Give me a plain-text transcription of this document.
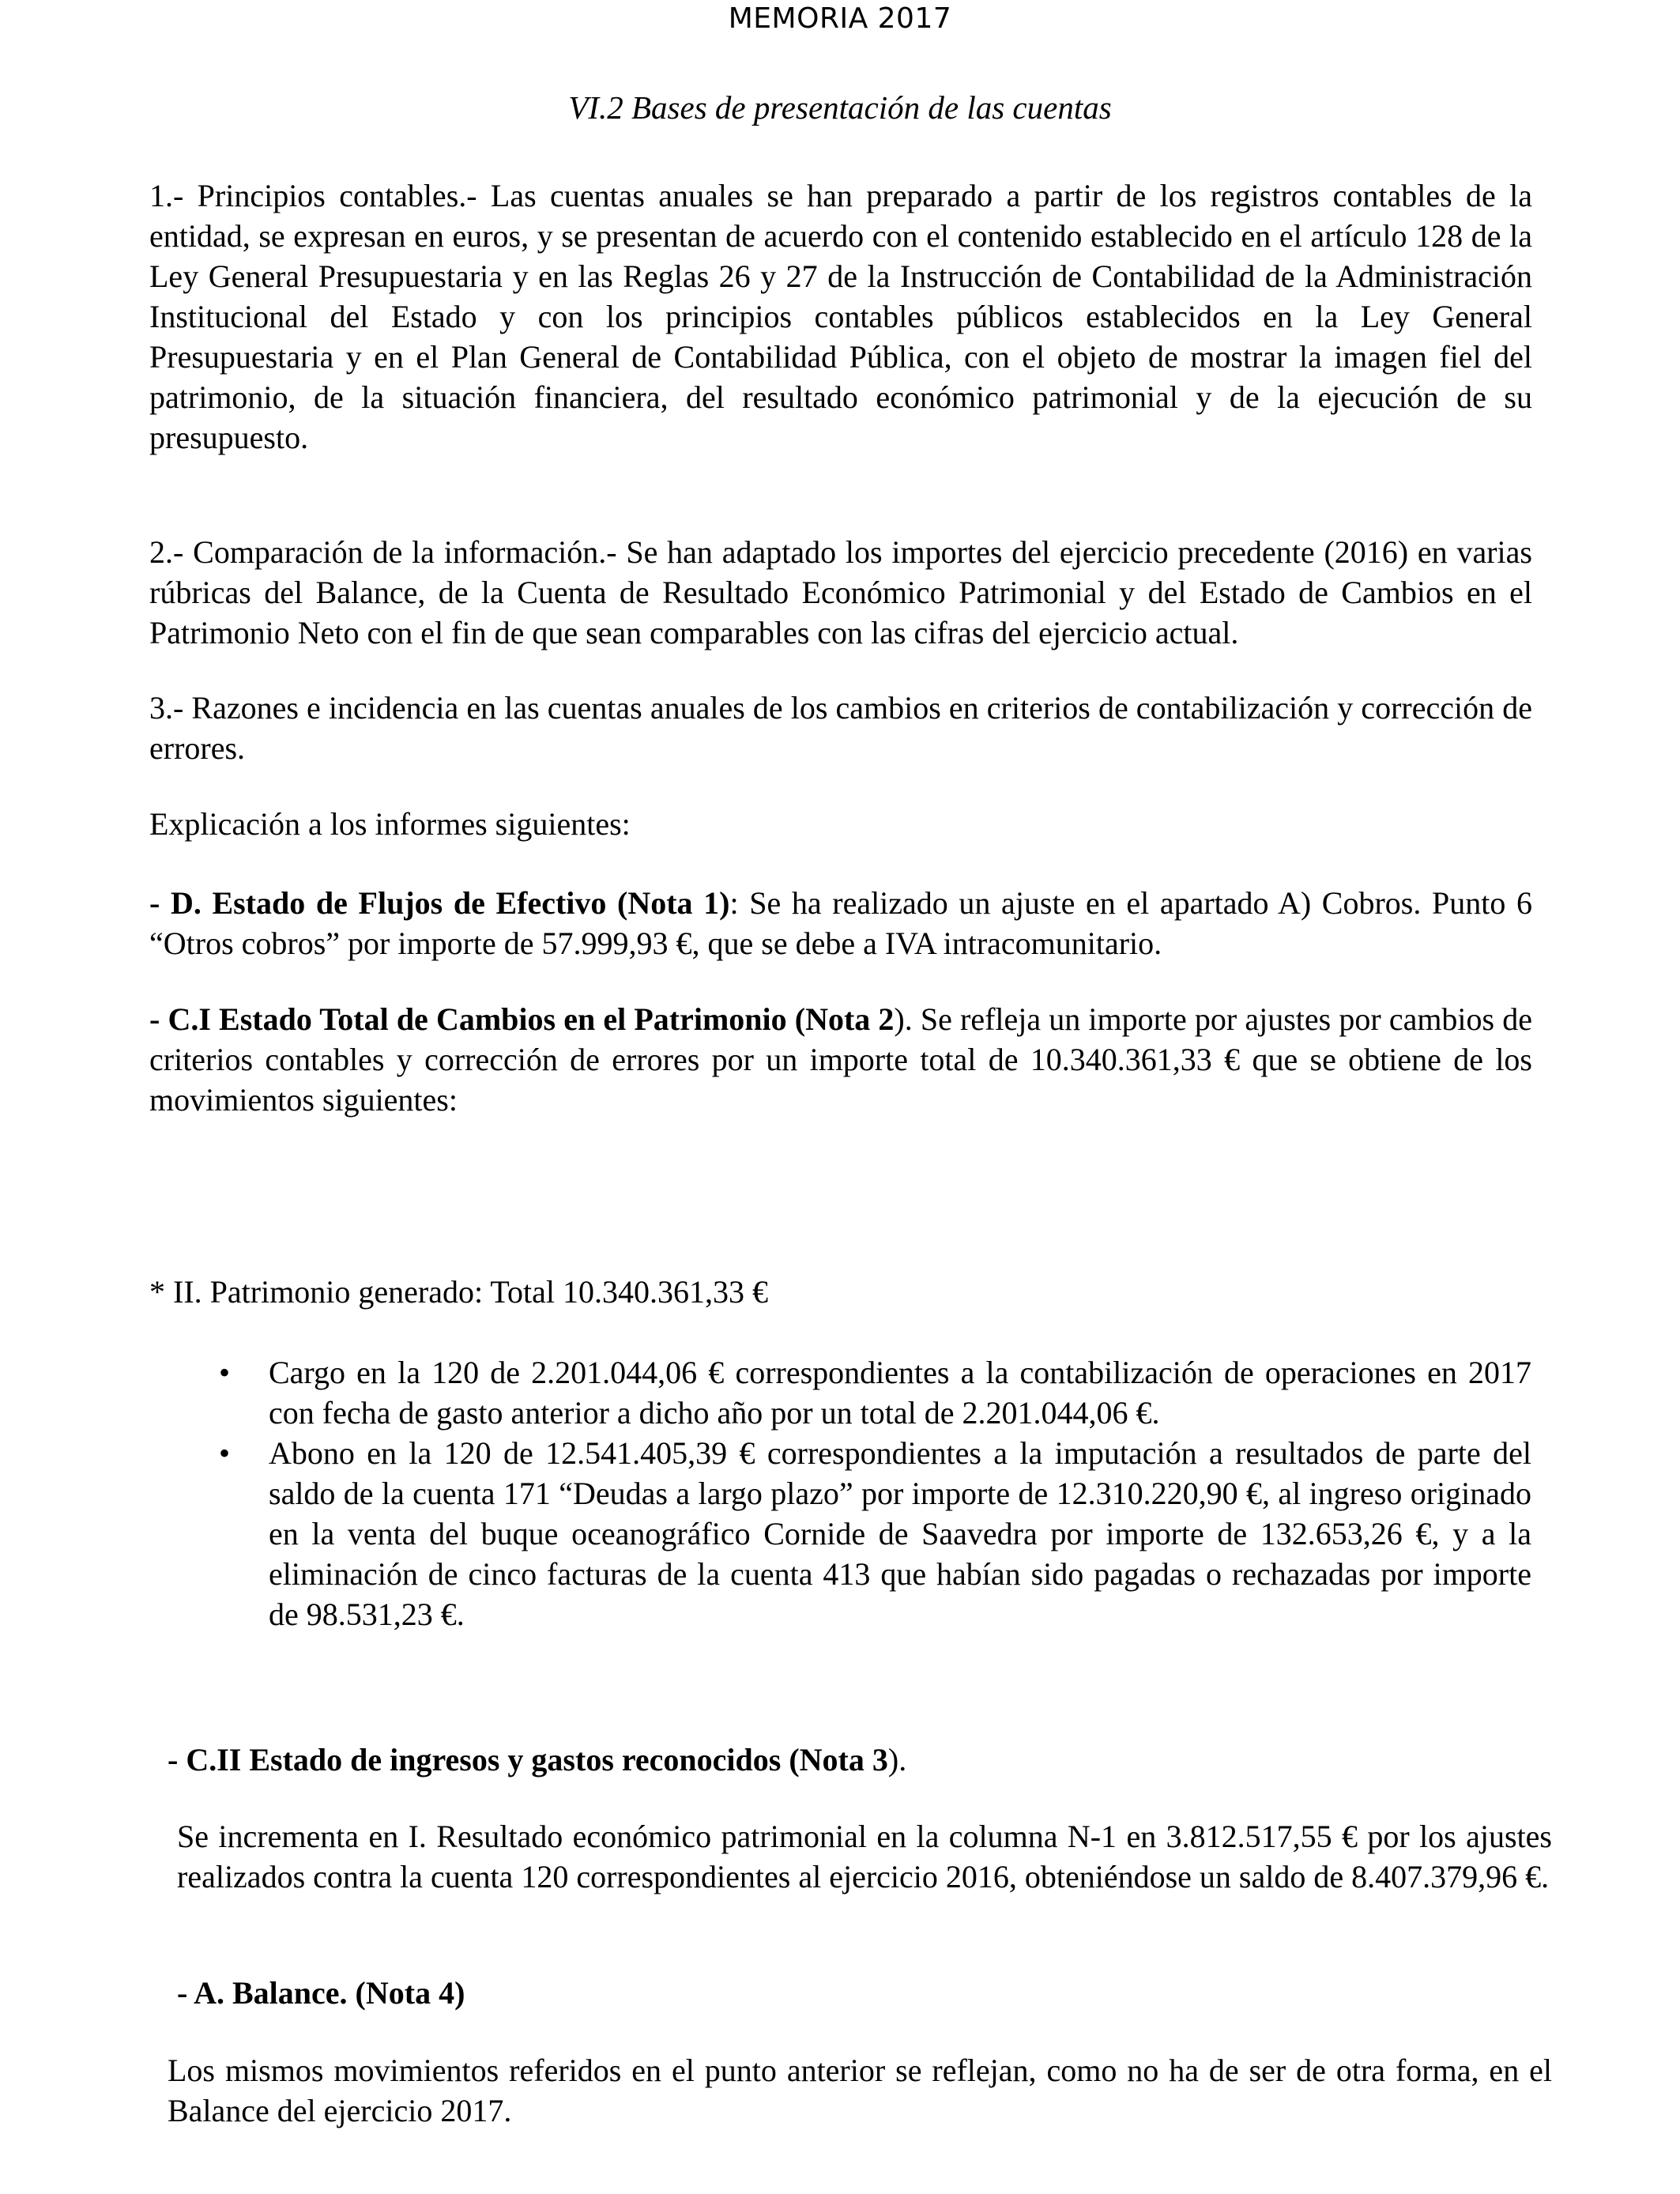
MEMORIA 2017
VI.2 Bases de presentación de las cuentas
1.- Principios contables.- Las cuentas anuales se han preparado a partir de los registros contables de la entidad, se expresan en euros, y se presentan de acuerdo con el contenido establecido en el artículo 128 de la Ley General Presupuestaria y en las Reglas 26 y 27 de la Instrucción de Contabilidad de la Administración Institucional del Estado y con los principios contables públicos establecidos en la Ley General Presupuestaria y en el Plan General de Contabilidad Pública, con el objeto de mostrar la imagen fiel del patrimonio, de la situación financiera, del resultado económico patrimonial y de la ejecución de su presupuesto.
2.- Comparación de la información.- Se han adaptado los importes del ejercicio precedente (2016) en varias rúbricas del Balance, de la Cuenta de Resultado Económico Patrimonial y del Estado de Cambios en el Patrimonio Neto con el fin de que sean comparables con las cifras del ejercicio actual.
3.- Razones e incidencia en las cuentas anuales de los cambios en criterios de contabilización y corrección de errores.
Explicación a los informes siguientes:
- D. Estado de Flujos de Efectivo (Nota 1): Se ha realizado un ajuste en el apartado A) Cobros. Punto 6 “Otros cobros” por importe de 57.999,93 €, que se debe a IVA intracomunitario.
- C.I Estado Total de Cambios en el Patrimonio (Nota 2). Se refleja un importe por ajustes por cambios de criterios contables y corrección de errores por un importe total de 10.340.361,33 € que se obtiene de los movimientos siguientes:
* II. Patrimonio generado: Total 10.340.361,33 €
• Cargo en la 120 de 2.201.044,06 € correspondientes a la contabilización de operaciones en 2017 con fecha de gasto anterior a dicho año por un total de 2.201.044,06 €.
• Abono en la 120 de 12.541.405,39 € correspondientes a la imputación a resultados de parte del saldo de la cuenta 171 “Deudas a largo plazo” por importe de 12.310.220,90 €, al ingreso originado en la venta del buque oceanográfico Cornide de Saavedra por importe de 132.653,26 €, y a la eliminación de cinco facturas de la cuenta 413 que habían sido pagadas o rechazadas por importe de 98.531,23 €.
- C.II Estado de ingresos y gastos reconocidos (Nota 3).
Se incrementa en I. Resultado económico patrimonial en la columna N-1 en 3.812.517,55 € por los ajustes realizados contra la cuenta 120 correspondientes al ejercicio 2016, obteniéndose un saldo de 8.407.379,96 €.
- A. Balance. (Nota 4)
Los mismos movimientos referidos en el punto anterior se reflejan, como no ha de ser de otra forma, en el Balance del ejercicio 2017.
